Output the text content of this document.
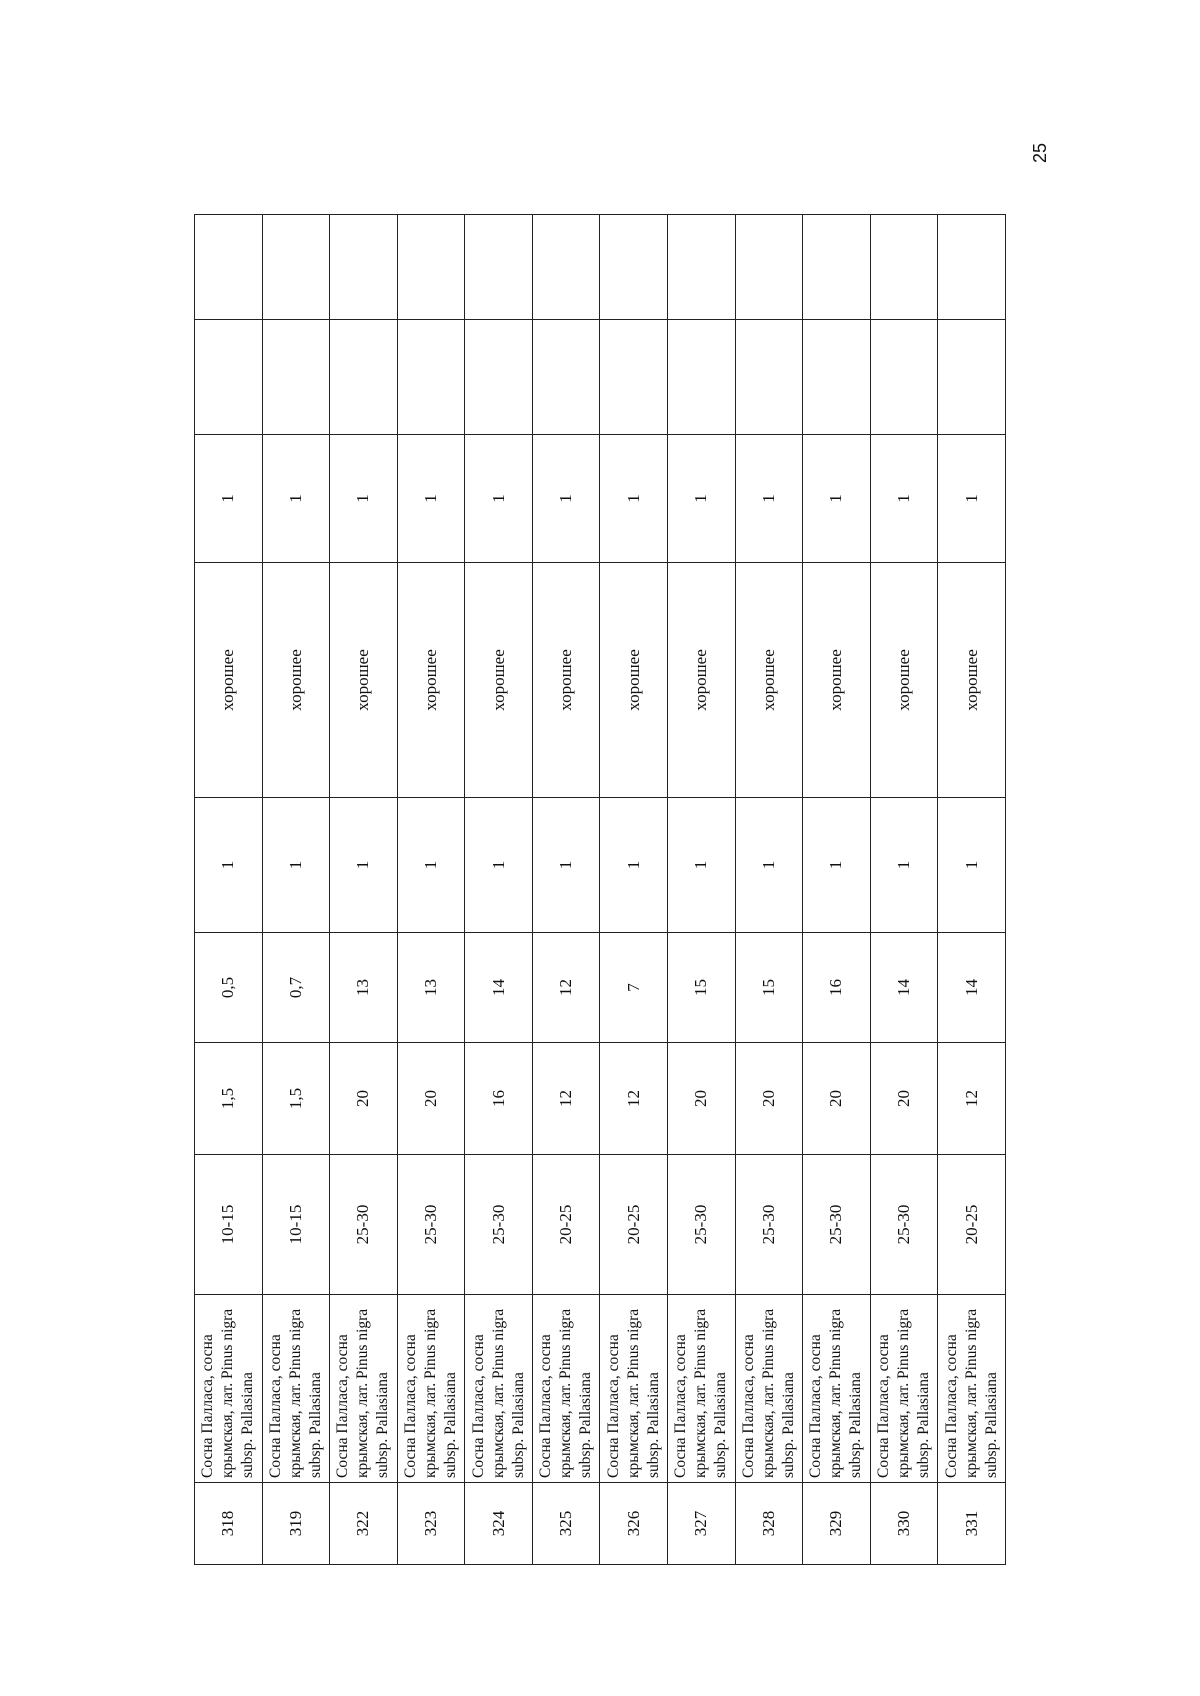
25
318	Сосна Палласа, сосна крымская, лат. Pinus nigra subsp. Pallasiana	10-15	1,5	0,5	1	хорошее	1		
319	Сосна Палласа, сосна крымская, лат. Pinus nigra subsp. Pallasiana	10-15	1,5	0,7	1	хорошее	1		
322	Сосна Палласа, сосна крымская, лат. Pinus nigra subsp. Pallasiana	25-30	20	13	1	хорошее	1		
323	Сосна Палласа, сосна крымская, лат. Pinus nigra subsp. Pallasiana	25-30	20	13	1	хорошее	1		
324	Сосна Палласа, сосна крымская, лат. Pinus nigra subsp. Pallasiana	25-30	16	14	1	хорошее	1		
325	Сосна Палласа, сосна крымская, лат. Pinus nigra subsp. Pallasiana	20-25	12	12	1	хорошее	1		
326	Сосна Палласа, сосна крымская, лат. Pinus nigra subsp. Pallasiana	20-25	12	7	1	хорошее	1		
327	Сосна Палласа, сосна крымская, лат. Pinus nigra subsp. Pallasiana	25-30	20	15	1	хорошее	1		
328	Сосна Палласа, сосна крымская, лат. Pinus nigra subsp. Pallasiana	25-30	20	15	1	хорошее	1		
329	Сосна Палласа, сосна крымская, лат. Pinus nigra subsp. Pallasiana	25-30	20	16	1	хорошее	1		
330	Сосна Палласа, сосна крымская, лат. Pinus nigra subsp. Pallasiana	25-30	20	14	1	хорошее	1		
331	Сосна Палласа, сосна крымская, лат. Pinus nigra subsp. Pallasiana	20-25	12	14	1	хорошее	1		
